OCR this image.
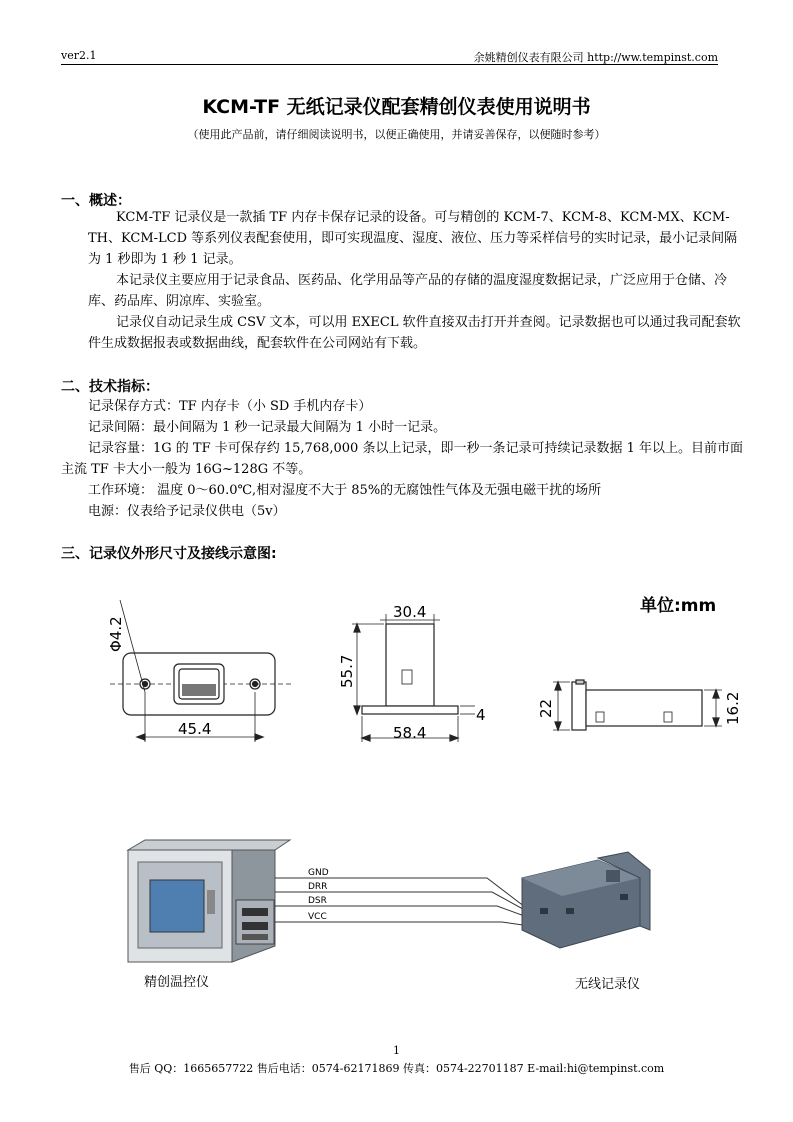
ver2.1	余姚精创仪表有限公司 http://ww.tempinst.com
KCM-TF 无纸记录仪配套精创仪表使用说明书
（使用此产品前，请仔细阅读说明书，以便正确使用，并请妥善保存，以便随时参考）
一、概述：

KCM-TF 记录仪是一款插 TF 内存卡保存记录的设备。可与精创的 KCM-7、KCM-8、KCM-MX、KCM-TH、KCM-LCD 等系列仪表配套使用，即可实现温度、湿度、液位、压力等采样信号的实时记录，最小记录间隔为 1 秒即为 1 秒 1 记录。

本记录仪主要应用于记录食品、医药品、化学用品等产品的存储的温度湿度数据记录，广泛应用于仓储、冷库、药品库、阴凉库、实验室。

记录仪自动记录生成 CSV 文本，可以用 EXECL 软件直接双击打开并查阅。记录数据也可以通过我司配套软件生成数据报表或数据曲线，配套软件在公司网站有下载。

二、技术指标：
记录保存方式：TF 内存卡（小 SD 手机内存卡）
记录间隔：最小间隔为 1 秒一记录最大间隔为 1 小时一记录。
记录容量：1G 的 TF 卡可保存约 15,768,000 条以上记录，即一秒一条记录可持续记录数据 1 年以上。目前市面主流 TF 卡大小一般为 16G~128G 不等。
工作环境： 温度 0～60.0℃,相对湿度不大于 85%的无腐蚀性气体及无强电磁干扰的场所
电源：仪表给予记录仪供电（5v）
三、记录仪外形尺寸及接线示意图:
单位:mm
Φ4.2
45.4
30.4
55.7
4
58.4
22	16.2
GND
DRR
DSR
VCC
精创温控仪	无线记录仪
1
售后 QQ：1665657722 售后电话：0574-62171869 传真：0574-22701187 E-mail:hi@tempinst.com
